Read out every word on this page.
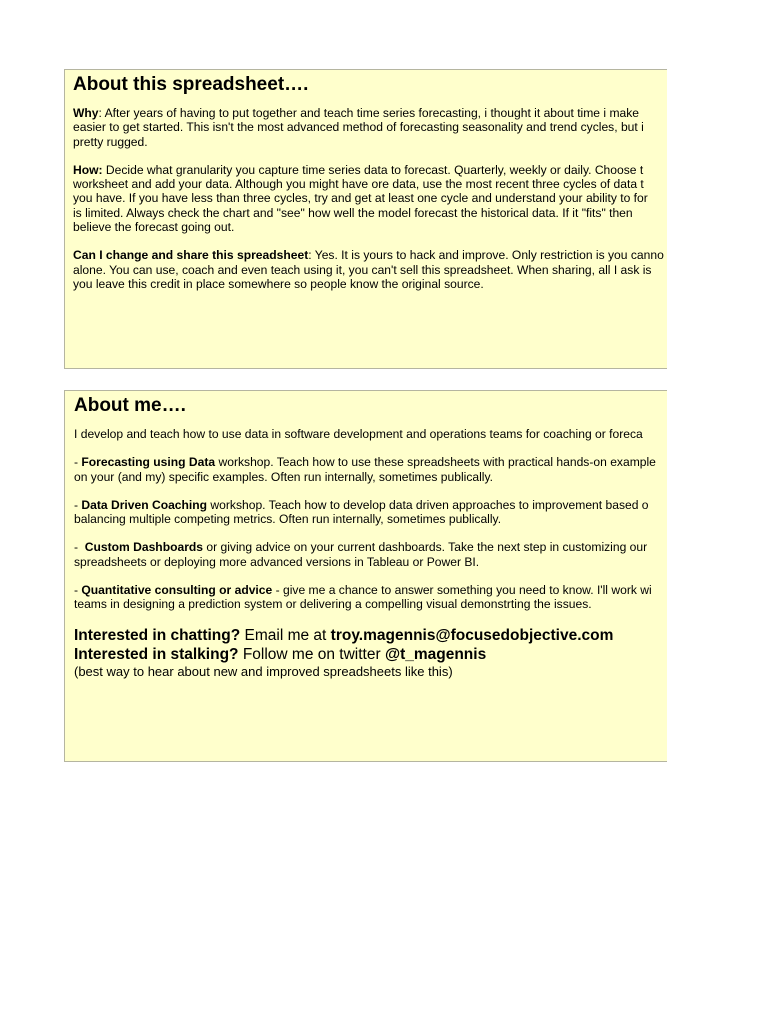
About this spreadsheet….
Why: After years of having to put together and teach time series forecasting, i thought it about time i make
easier to get started. This isn't the most advanced method of forecasting seasonality and trend cycles, but i
pretty rugged.
How: Decide what granularity you capture time series data to forecast. Quarterly, weekly or daily. Choose t
worksheet and add your data. Although you might have ore data, use the most recent three cycles of data t
you have. If you have less than three cycles, try and get at least one cycle and understand your ability to for
is limited. Always check the chart and "see" how well the model forecast the historical data. If it "fits" then
believe the forecast going out.
Can I change and share this spreadsheet: Yes. It is yours to hack and improve. Only restriction is you canno
alone. You can use, coach and even teach using it, you can't sell this spreadsheet. When sharing, all I ask is
you leave this credit in place somewhere so people know the original source.
About me….
I develop and teach how to use data in software development and operations teams for coaching or foreca
- Forecasting using Data workshop. Teach how to use these spreadsheets with practical hands-on example
on your (and my) specific examples. Often run internally, sometimes publically.
- Data Driven Coaching workshop. Teach how to develop data driven approaches to improvement based o
balancing multiple competing metrics. Often run internally, sometimes publically.
-  Custom Dashboards or giving advice on your current dashboards. Take the next step in customizing our
spreadsheets or deploying more advanced versions in Tableau or Power BI.
- Quantitative consulting or advice - give me a chance to answer something you need to know. I'll work wi
teams in designing a prediction system or delivering a compelling visual demonstrting the issues.
Interested in chatting? Email me at troy.magennis@focusedobjective.com
Interested in stalking? Follow me on twitter @t_magennis
(best way to hear about new and improved spreadsheets like this)
